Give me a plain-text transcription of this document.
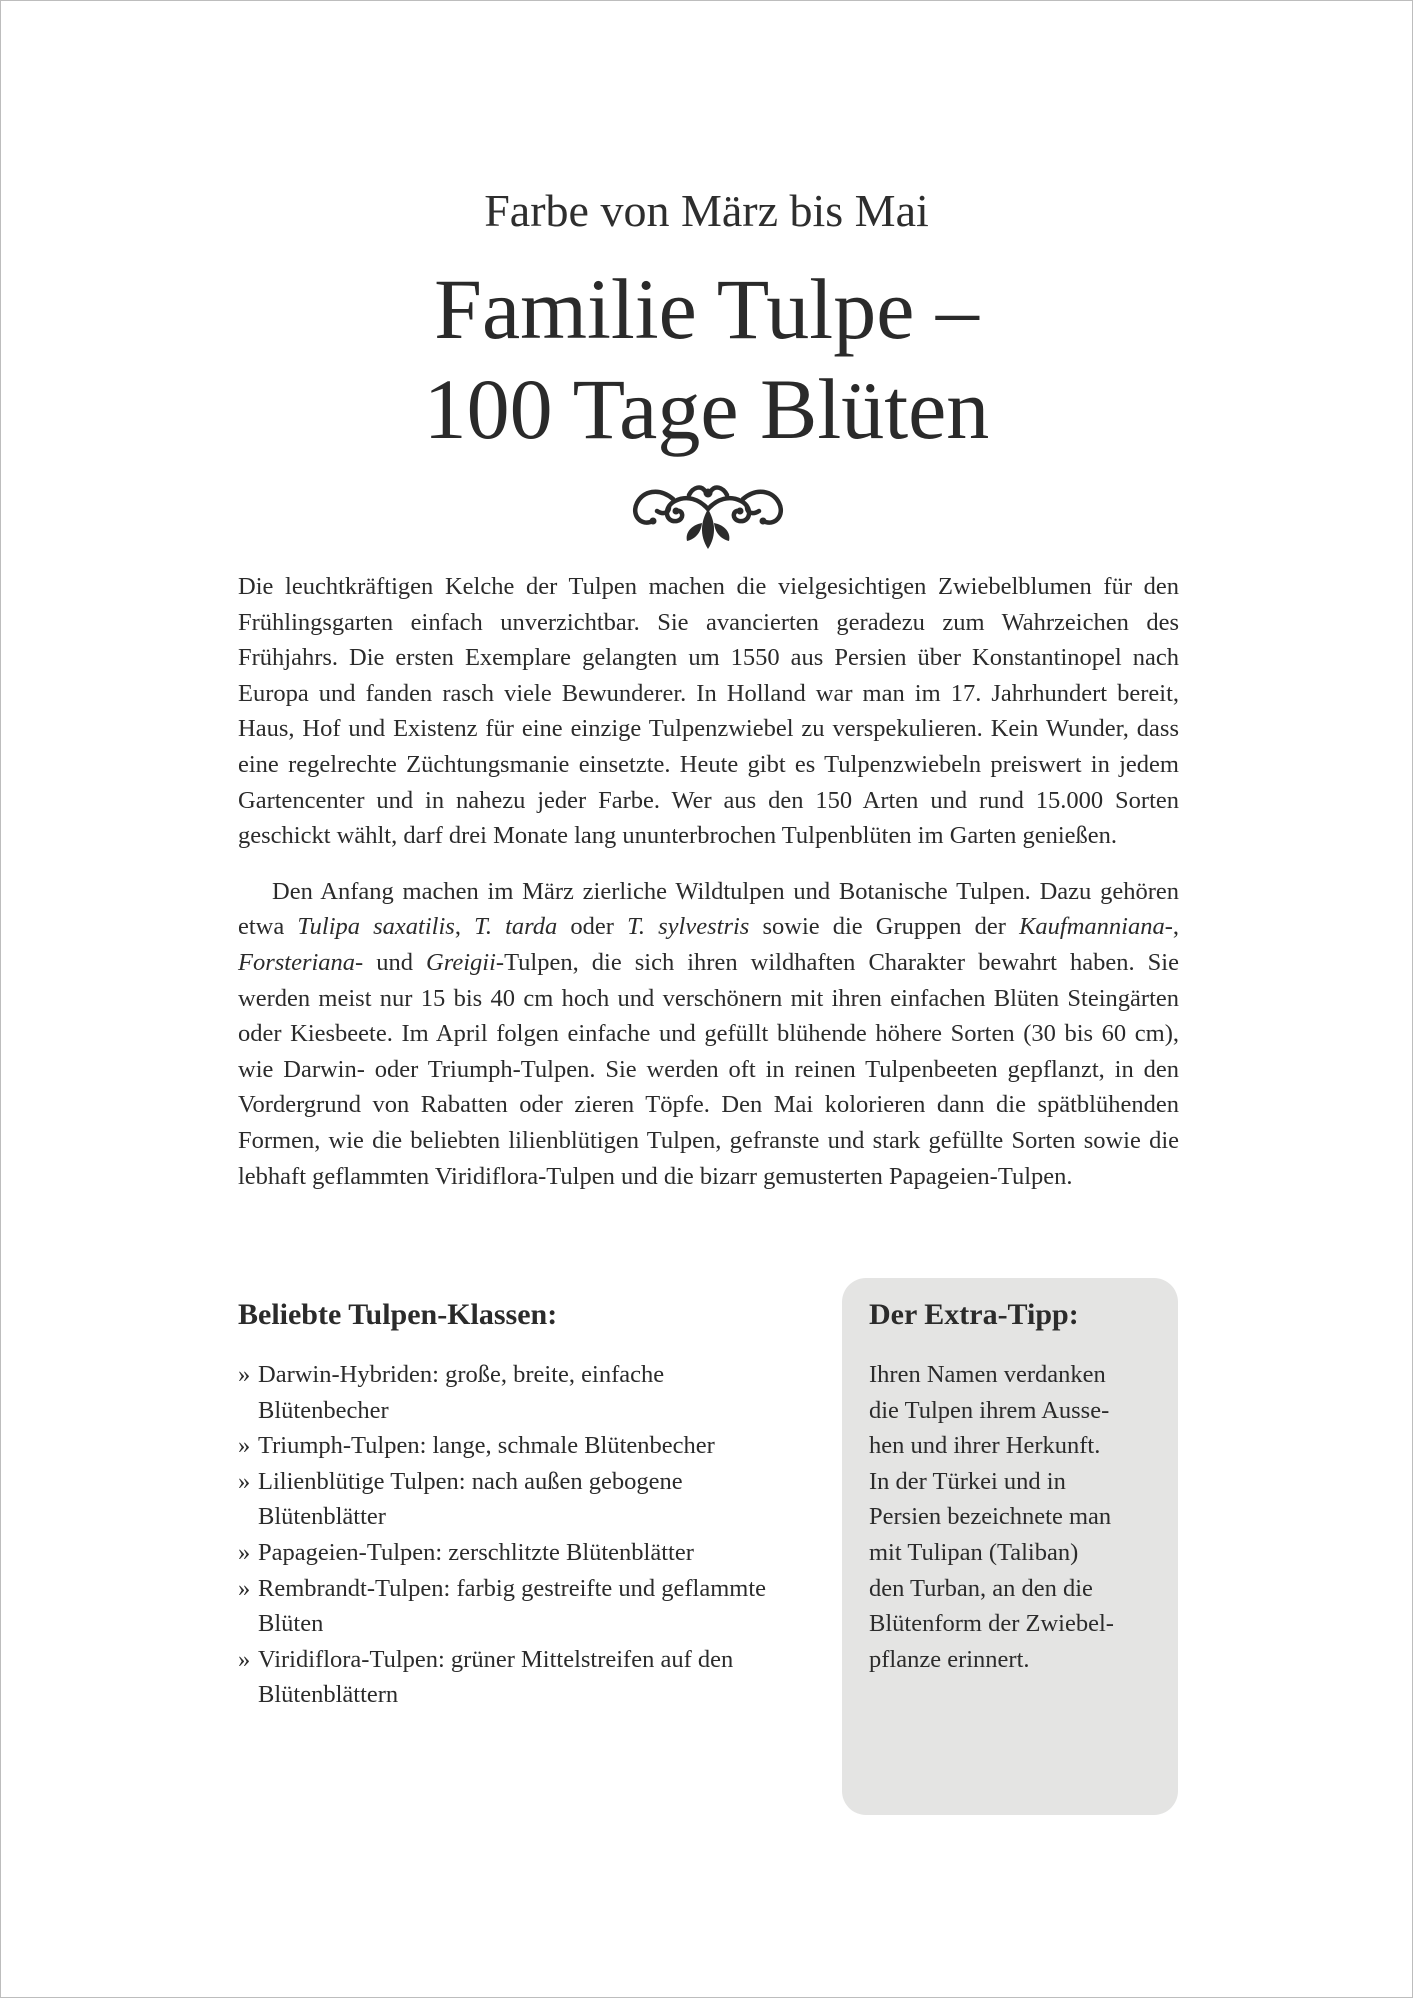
Farbe von März bis Mai
Familie Tulpe –
100 Tage Blüten

Die leuchtkräftigen Kelche der Tulpen machen die vielgesichtigen Zwiebelblumen für den Frühlingsgarten einfach unverzichtbar. Sie avancierten geradezu zum Wahrzeichen des Frühjahrs. Die ersten Exemplare gelangten um 1550 aus Persien über Konstantinopel nach Europa und fanden rasch viele Bewunderer. In Holland war man im 17. Jahrhundert bereit, Haus, Hof und Existenz für eine einzige Tulpenzwiebel zu verspekulieren. Kein Wunder, dass eine regelrechte Züchtungsmanie einsetzte. Heute gibt es Tulpenzwiebeln preiswert in jedem Gartencenter und in nahezu jeder Farbe. Wer aus den 150 Arten und rund 15.000 Sorten geschickt wählt, darf drei Monate lang ununterbrochen Tulpenblüten im Garten genießen.

Den Anfang machen im März zierliche Wildtulpen und Botanische Tulpen. Dazu gehören etwa Tulipa saxatilis, T. tarda oder T. sylvestris sowie die Gruppen der Kaufmanniana-, Forsteriana- und Greigii-Tulpen, die sich ihren wildhaften Charakter bewahrt haben. Sie werden meist nur 15 bis 40 cm hoch und verschönern mit ihren einfachen Blüten Steingärten oder Kiesbeete. Im April folgen einfache und gefüllt blühende höhere Sorten (30 bis 60 cm), wie Darwin- oder Triumph-Tulpen. Sie werden oft in reinen Tulpenbeeten gepflanzt, in den Vordergrund von Rabatten oder zieren Töpfe. Den Mai kolorieren dann die spätblühenden Formen, wie die beliebten lilienblütigen Tulpen, gefranste und stark gefüllte Sorten sowie die lebhaft geflammten Viridiflora-Tulpen und die bizarr gemusterten Papageien-Tulpen.

Beliebte Tulpen-Klassen:
» Darwin-Hybriden: große, breite, einfache Blütenbecher
» Triumph-Tulpen: lange, schmale Blütenbecher
» Lilienblütige Tulpen: nach außen gebogene Blütenblätter
» Papageien-Tulpen: zerschlitzte Blütenblätter
» Rembrandt-Tulpen: farbig gestreifte und geflammte Blüten
» Viridiflora-Tulpen: grüner Mittelstreifen auf den Blütenblättern
Der Extra-Tipp:
Ihren Namen verdanken
die Tulpen ihrem Ausse-
hen und ihrer Herkunft.
In der Türkei und in
Persien bezeichnete man
mit Tulipan (Taliban)
den Turban, an den die
Blütenform der Zwiebel-
pflanze erinnert.
